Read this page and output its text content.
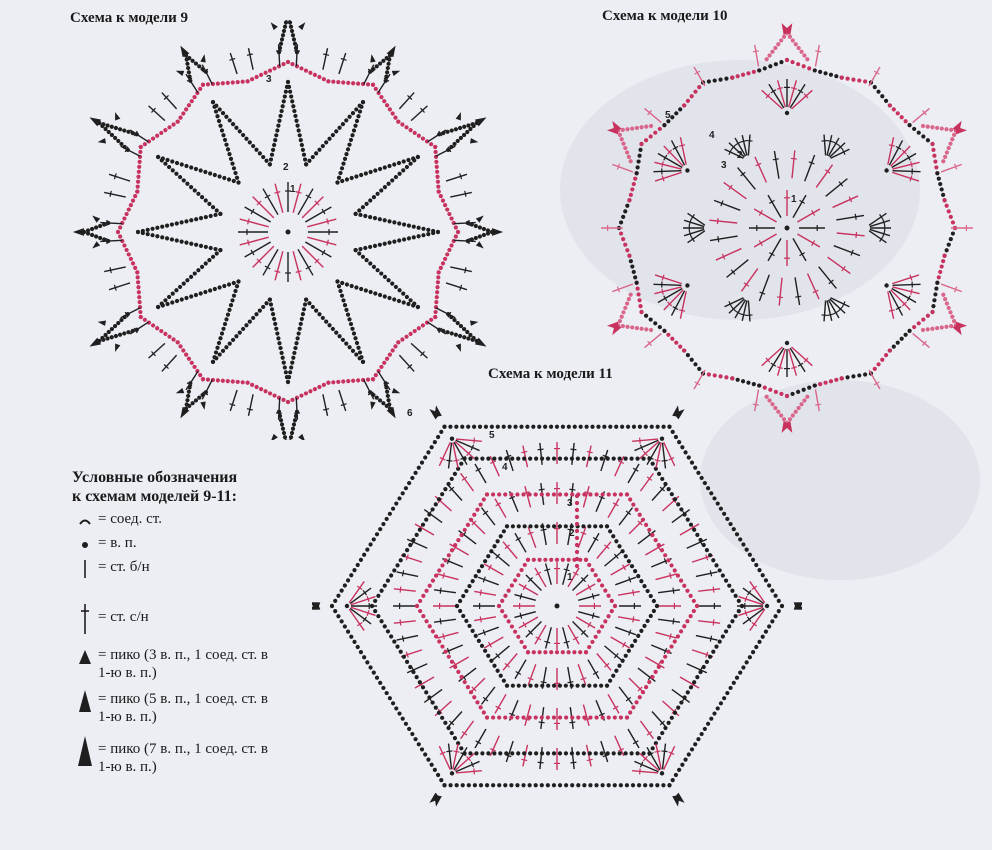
Схема к модели 9	Схема к модели 10
Схема к модели 11
1
2
3
1
2
3
4
5
1
2
3
4
5
6
Условные обозначения
к схемам моделей 9-11:
= соед. ст.
= в. п.
= ст. б/н
= ст. с/н
= пико (3 в. п., 1 соед. ст. в
1-ю в. п.)
= пико (5 в. п., 1 соед. ст. в
1-ю в. п.)
= пико (7 в. п., 1 соед. ст. в
1-ю в. п.)
